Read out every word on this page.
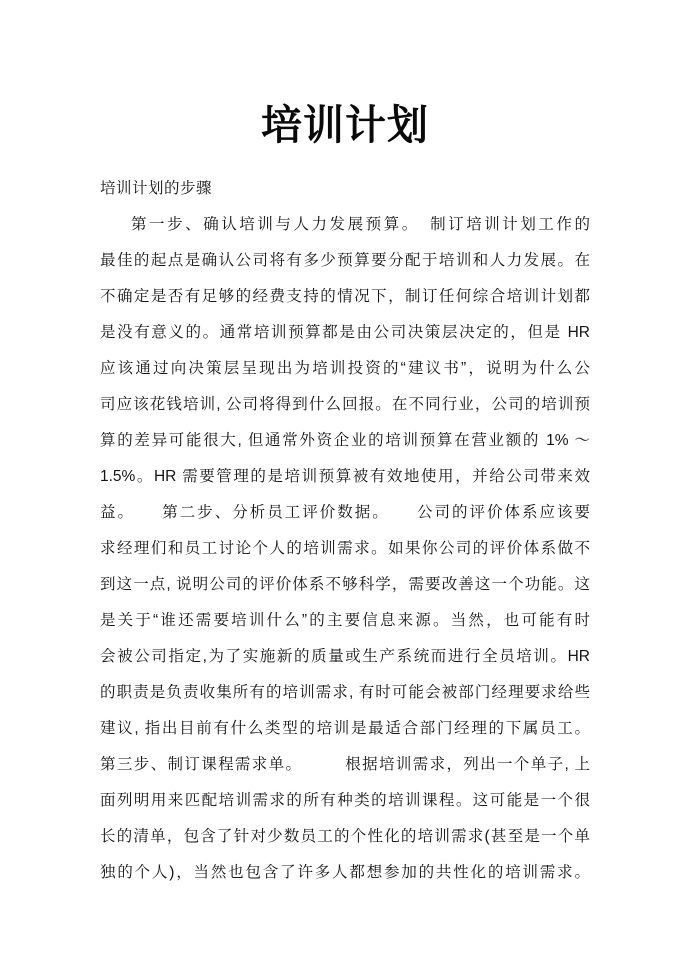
培训计划
培训计划的步骤
第一步、确认培训与人力发展预算。　制订培训计划工作的
最佳的起点是确认公司将有多少预算要分配于培训和人力发展。在
不确定是否有足够的经费支持的情况下，制订任何综合培训计划都
是没有意义的。通常培训预算都是由公司决策层决定的，但是 HR
应该通过向决策层呈现出为培训投资的“建议书”，说明为什么公
司应该花钱培训, 公司将得到什么回报。在不同行业，公司的培训预
算的差异可能很大, 但通常外资企业的培训预算在营业额的 1% ～
1.5%。HR 需要管理的是培训预算被有效地使用，并给公司带来效
益。　　第二步、分析员工评价数据。　　公司的评价体系应该要
求经理们和员工讨论个人的培训需求。如果你公司的评价体系做不
到这一点, 说明公司的评价体系不够科学，需要改善这一个功能。这
是关于“谁还需要培训什么”的主要信息来源。当然，也可能有时
会被公司指定,为了实施新的质量或生产系统而进行全员培训。HR
的职责是负责收集所有的培训需求, 有时可能会被部门经理要求给些
建议, 指出目前有什么类型的培训是最适合部门经理的下属员工。
第三步、制订课程需求单。　　　根据培训需求，列出一个单子, 上
面列明用来匹配培训需求的所有种类的培训课程。这可能是一个很
长的清单，包含了针对少数员工的个性化的培训需求(甚至是一个单
独的个人)，当然也包含了许多人都想参加的共性化的培训需求。
